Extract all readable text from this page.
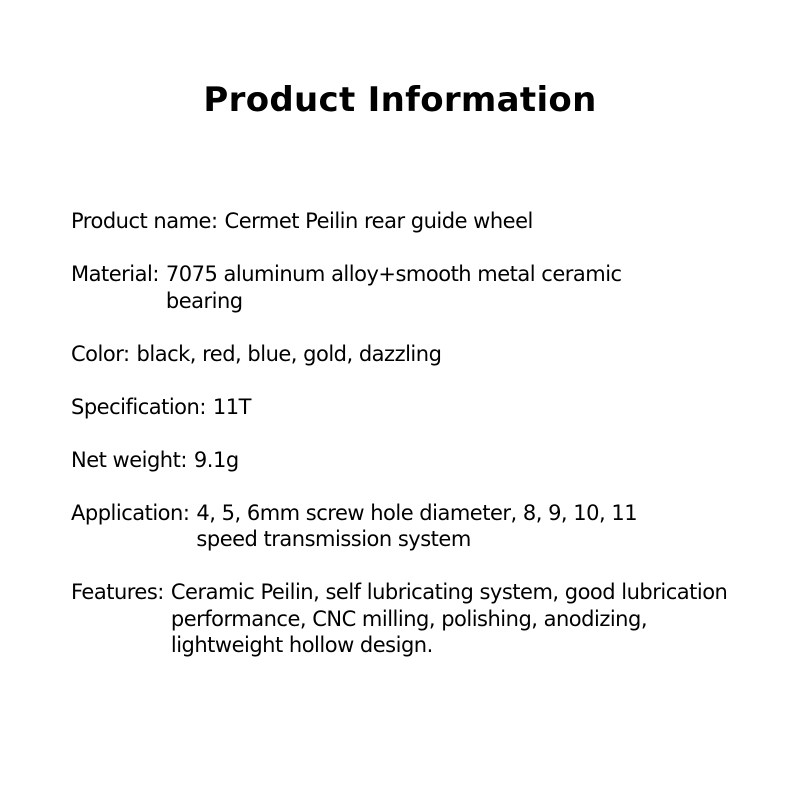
Product Information
Product name: Cermet Peilin rear guide wheel
Material: 7075 aluminum alloy+smooth metal ceramic bearing
Color: black, red, blue, gold, dazzling
Specification: 11T
Net weight: 9.1g
Application: 4, 5, 6mm screw hole diameter, 8, 9, 10, 11 speed transmission system
Features: Ceramic Peilin, self lubricating system, good lubrication performance, CNC milling, polishing, anodizing, lightweight hollow design.
